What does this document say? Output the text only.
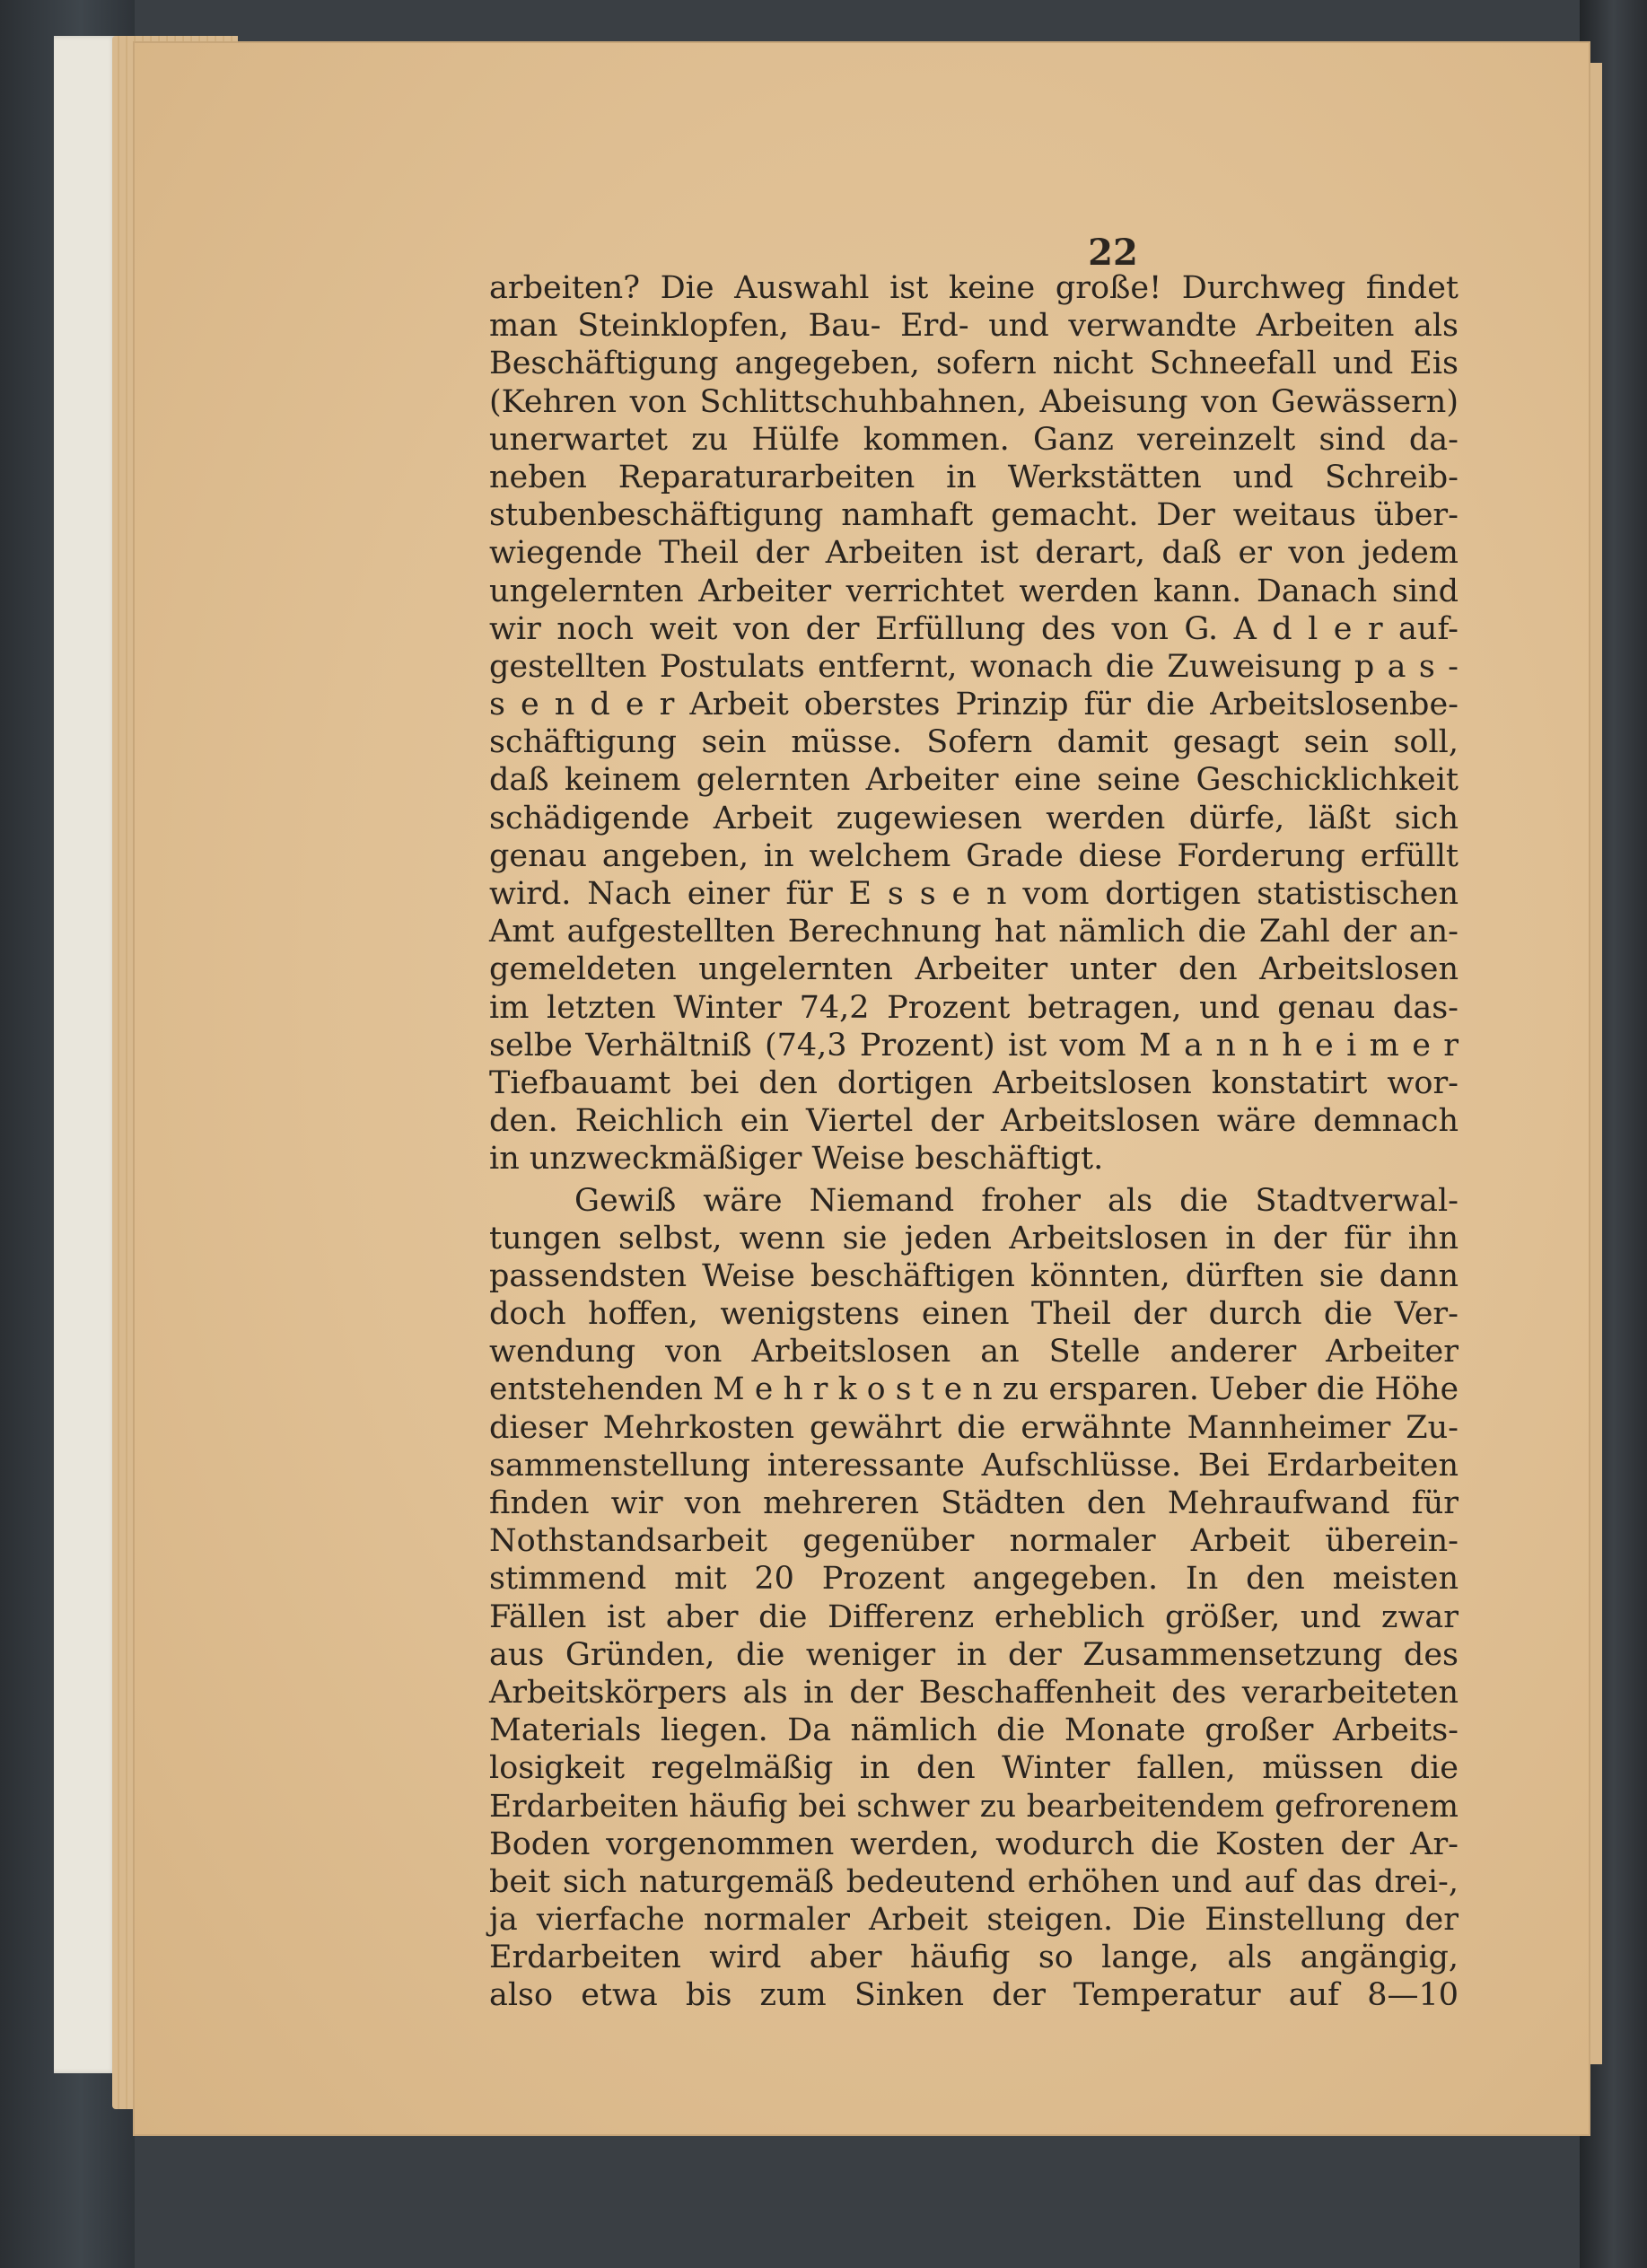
22
arbeiten? Die Auswahl ist keine große! Durchweg findet
man Steinklopfen, Bau- Erd- und verwandte Arbeiten als
Beschäftigung angegeben, sofern nicht Schneefall und Eis
(Kehren von Schlittschuhbahnen, Abeisung von Gewässern)
unerwartet zu Hülfe kommen. Ganz vereinzelt sind da-
neben Reparaturarbeiten in Werkstätten und Schreib-
stubenbeschäftigung namhaft gemacht. Der weitaus über-
wiegende Theil der Arbeiten ist derart, daß er von jedem
ungelernten Arbeiter verrichtet werden kann. Danach sind
wir noch weit von der Erfüllung des von G. A d l e r auf-
gestellten Postulats entfernt, wonach die Zuweisung p a s -
s e n d e r Arbeit oberstes Prinzip für die Arbeitslosenbe-
schäftigung sein müsse. Sofern damit gesagt sein soll,
daß keinem gelernten Arbeiter eine seine Geschicklichkeit
schädigende Arbeit zugewiesen werden dürfe, läßt sich
genau angeben, in welchem Grade diese Forderung erfüllt
wird. Nach einer für E s s e n vom dortigen statistischen
Amt aufgestellten Berechnung hat nämlich die Zahl der an-
gemeldeten ungelernten Arbeiter unter den Arbeitslosen
im letzten Winter 74,2 Prozent betragen, und genau das-
selbe Verhältniß (74,3 Prozent) ist vom M a n n h e i m e r
Tiefbauamt bei den dortigen Arbeitslosen konstatirt wor-
den. Reichlich ein Viertel der Arbeitslosen wäre demnach
in unzweckmäßiger Weise beschäftigt.
Gewiß wäre Niemand froher als die Stadtverwal-
tungen selbst, wenn sie jeden Arbeitslosen in der für ihn
passendsten Weise beschäftigen könnten, dürften sie dann
doch hoffen, wenigstens einen Theil der durch die Ver-
wendung von Arbeitslosen an Stelle anderer Arbeiter
entstehenden M e h r k o s t e n zu ersparen. Ueber die Höhe
dieser Mehrkosten gewährt die erwähnte Mannheimer Zu-
sammenstellung interessante Aufschlüsse. Bei Erdarbeiten
finden wir von mehreren Städten den Mehraufwand für
Nothstandsarbeit gegenüber normaler Arbeit überein-
stimmend mit 20 Prozent angegeben. In den meisten
Fällen ist aber die Differenz erheblich größer, und zwar
aus Gründen, die weniger in der Zusammensetzung des
Arbeitskörpers als in der Beschaffenheit des verarbeiteten
Materials liegen. Da nämlich die Monate großer Arbeits-
losigkeit regelmäßig in den Winter fallen, müssen die
Erdarbeiten häufig bei schwer zu bearbeitendem gefrorenem
Boden vorgenommen werden, wodurch die Kosten der Ar-
beit sich naturgemäß bedeutend erhöhen und auf das drei-,
ja vierfache normaler Arbeit steigen. Die Einstellung der
Erdarbeiten wird aber häufig so lange, als angängig,
also etwa bis zum Sinken der Temperatur auf 8—10
